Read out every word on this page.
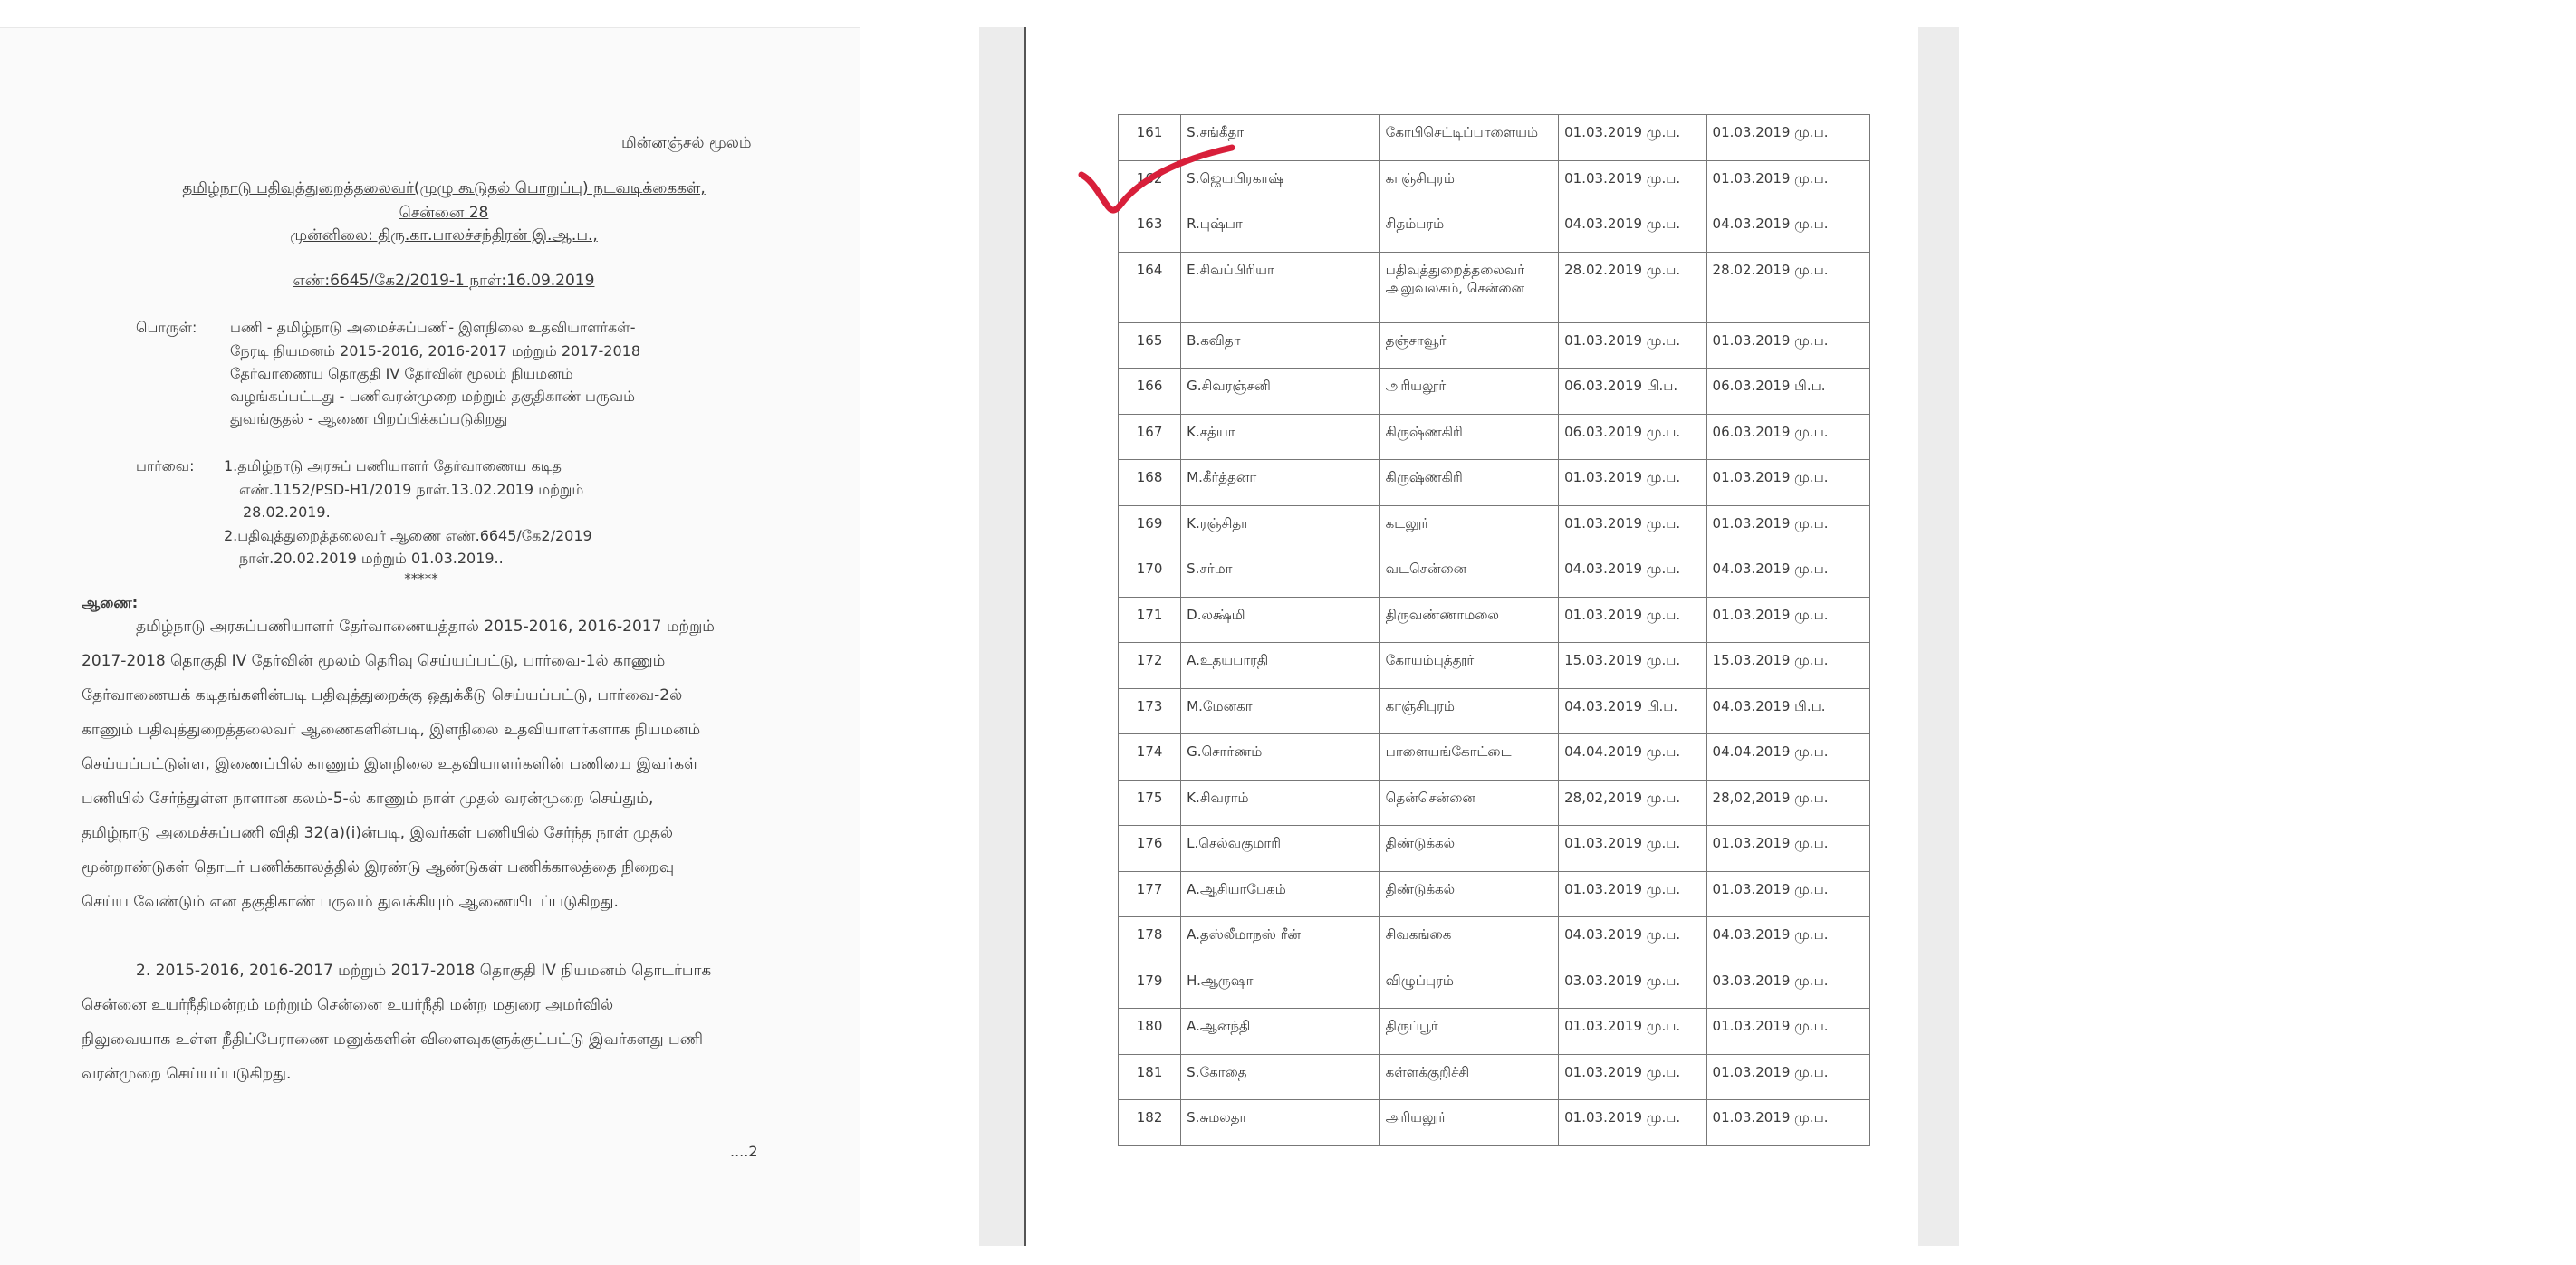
மின்னஞ்சல் மூலம்
தமிழ்நாடு பதிவுத்துறைத்தலைவர்(முழு கூடுதல் பொறுப்பு) நடவடிக்கைகள்,
சென்னை 28
முன்னிலை: திரு.கா.பாலச்சந்திரன் இ.ஆ.ப.,
எண்:6645/கே2/2019-1 நாள்:16.09.2019
பொருள்: பணி - தமிழ்நாடு அமைச்சுப்பணி- இளநிலை உதவியாளர்கள்-
நேரடி நியமனம் 2015-2016, 2016-2017 மற்றும் 2017-2018
தேர்வாணைய தொகுதி IV தேர்வின் மூலம் நியமனம்
வழங்கப்பட்டது - பணிவரன்முறை மற்றும் தகுதிகாண் பருவம்
துவங்குதல் - ஆணை பிறப்பிக்கப்படுகிறது
பார்வை: 1.தமிழ்நாடு அரசுப் பணியாளர் தேர்வாணைய கடித
எண்.1152/PSD-H1/2019 நாள்.13.02.2019 மற்றும்
28.02.2019.
2.பதிவுத்துறைத்தலைவர் ஆணை எண்.6645/கே2/2019
நாள்.20.02.2019 மற்றும் 01.03.2019..
*****
ஆணை:
தமிழ்நாடு அரசுப்பணியாளர் தேர்வாணையத்தால் 2015-2016, 2016-2017 மற்றும்
2017-2018 தொகுதி IV தேர்வின் மூலம் தெரிவு செய்யப்பட்டு, பார்வை-1ல் காணும்
தேர்வாணையக் கடிதங்களின்படி பதிவுத்துறைக்கு ஒதுக்கீடு செய்யப்பட்டு, பார்வை-2ல்
காணும் பதிவுத்துறைத்தலைவர் ஆணைகளின்படி, இளநிலை உதவியாளர்களாக நியமனம்
செய்யப்பட்டுள்ள, இணைப்பில் காணும் இளநிலை உதவியாளர்களின் பணியை இவர்கள்
பணியில் சேர்ந்துள்ள நாளான கலம்-5-ல் காணும் நாள் முதல் வரன்முறை செய்தும்,
தமிழ்நாடு அமைச்சுப்பணி விதி 32(a)(i)ன்படி, இவர்கள் பணியில் சேர்ந்த நாள் முதல்
மூன்றாண்டுகள் தொடர் பணிக்காலத்தில் இரண்டு ஆண்டுகள் பணிக்காலத்தை நிறைவு
செய்ய வேண்டும் என தகுதிகாண் பருவம் துவக்கியும் ஆணையிடப்படுகிறது.
2. 2015-2016, 2016-2017 மற்றும் 2017-2018 தொகுதி IV நியமனம் தொடர்பாக
சென்னை உயர்நீதிமன்றம் மற்றும் சென்னை உயர்நீதி மன்ற மதுரை அமர்வில்
நிலுவையாக உள்ள நீதிப்பேராணை மனுக்களின் விளைவுகளுக்குட்பட்டு இவர்களது பணி
வரன்முறை செய்யப்படுகிறது.
....2
161	S.சங்கீதா	கோபிசெட்டிப்பாளையம்	01.03.2019 மு.ப.	01.03.2019 மு.ப.
162	S.ஜெயபிரகாஷ்	காஞ்சிபுரம்	01.03.2019 மு.ப.	01.03.2019 மு.ப.
163	R.புஷ்பா	சிதம்பரம்	04.03.2019 மு.ப.	04.03.2019 மு.ப.
164	E.சிவப்பிரியா	பதிவுத்துறைத்தலைவர் அலுவலகம், சென்னை	28.02.2019 மு.ப.	28.02.2019 மு.ப.
165	B.கவிதா	தஞ்சாவூர்	01.03.2019 மு.ப.	01.03.2019 மு.ப.
166	G.சிவரஞ்சனி	அரியலூர்	06.03.2019 பி.ப.	06.03.2019 பி.ப.
167	K.சத்யா	கிருஷ்ணகிரி	06.03.2019 மு.ப.	06.03.2019 மு.ப.
168	M.கீர்த்தனா	கிருஷ்ணகிரி	01.03.2019 மு.ப.	01.03.2019 மு.ப.
169	K.ரஞ்சிதா	கடலூர்	01.03.2019 மு.ப.	01.03.2019 மு.ப.
170	S.சர்மா	வடசென்னை	04.03.2019 மு.ப.	04.03.2019 மு.ப.
171	D.லக்ஷ்மி	திருவண்ணாமலை	01.03.2019 மு.ப.	01.03.2019 மு.ப.
172	A.உதயபாரதி	கோயம்புத்தூர்	15.03.2019 மு.ப.	15.03.2019 மு.ப.
173	M.மேனகா	காஞ்சிபுரம்	04.03.2019 பி.ப.	04.03.2019 பி.ப.
174	G.சொர்ணம்	பாளையங்கோட்டை	04.04.2019 மு.ப.	04.04.2019 மு.ப.
175	K.சிவராம்	தென்சென்னை	28,02,2019 மு.ப.	28,02,2019 மு.ப.
176	L.செல்வகுமாரி	திண்டுக்கல்	01.03.2019 மு.ப.	01.03.2019 மு.ப.
177	A.ஆசியாபேகம்	திண்டுக்கல்	01.03.2019 மு.ப.	01.03.2019 மு.ப.
178	A.தஸ்லீமாநஸ் ரீன்	சிவகங்கை	04.03.2019 மு.ப.	04.03.2019 மு.ப.
179	H.ஆருஷா	விழுப்புரம்	03.03.2019 மு.ப.	03.03.2019 மு.ப.
180	A.ஆனந்தி	திருப்பூர்	01.03.2019 மு.ப.	01.03.2019 மு.ப.
181	S.கோதை	கள்ளக்குறிச்சி	01.03.2019 மு.ப.	01.03.2019 மு.ப.
182	S.சுமலதா	அரியலூர்	01.03.2019 மு.ப.	01.03.2019 மு.ப.
